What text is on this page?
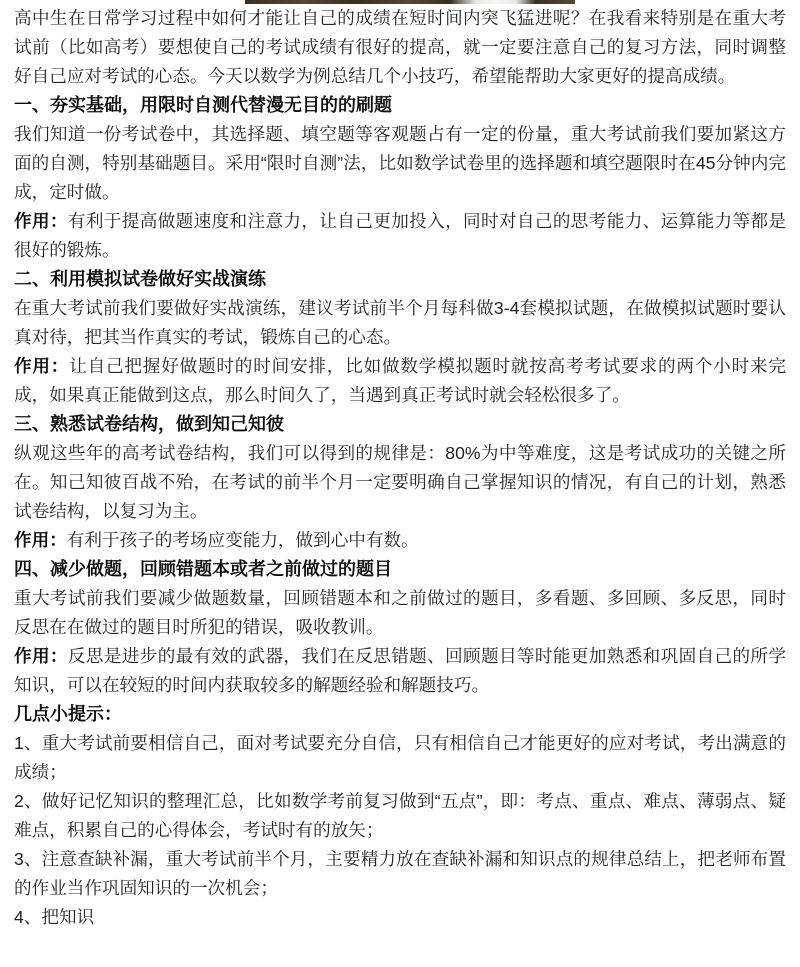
高中生在日常学习过程中如何才能让自己的成绩在短时间内突飞猛进呢？在我看来特别是在重大考试前（比如高考）要想使自己的考试成绩有很好的提高，就一定要注意自己的复习方法，同时调整好自己应对考试的心态。今天以数学为例总结几个小技巧，希望能帮助大家更好的提高成绩。

一、夯实基础，用限时自测代替漫无目的的刷题

我们知道一份考试卷中，其选择题、填空题等客观题占有一定的份量，重大考试前我们要加紧这方面的自测，特别基础题目。采用“限时自测”法，比如数学试卷里的选择题和填空题限时在45分钟内完成，定时做。

作用：有利于提高做题速度和注意力，让自己更加投入，同时对自己的思考能力、运算能力等都是很好的锻炼。

二、利用模拟试卷做好实战演练

在重大考试前我们要做好实战演练，建议考试前半个月每科做3-4套模拟试题，在做模拟试题时要认真对待，把其当作真实的考试，锻炼自己的心态。

作用：让自己把握好做题时的时间安排，比如做数学模拟题时就按高考考试要求的两个小时来完成，如果真正能做到这点，那么时间久了，当遇到真正考试时就会轻松很多了。

三、熟悉试卷结构，做到知己知彼

纵观这些年的高考试卷结构，我们可以得到的规律是：80%为中等难度，这是考试成功的关键之所在。知己知彼百战不殆，在考试的前半个月一定要明确自己掌握知识的情况，有自己的计划，熟悉试卷结构，以复习为主。

作用：有利于孩子的考场应变能力，做到心中有数。

四、减少做题，回顾错题本或者之前做过的题目

重大考试前我们要减少做题数量，回顾错题本和之前做过的题目，多看题、多回顾、多反思，同时反思在在做过的题目时所犯的错误，吸收教训。

作用：反思是进步的最有效的武器，我们在反思错题、回顾题目等时能更加熟悉和巩固自己的所学知识，可以在较短的时间内获取较多的解题经验和解题技巧。

几点小提示：

1、重大考试前要相信自己，面对考试要充分自信，只有相信自己才能更好的应对考试，考出满意的成绩；

2、做好记忆知识的整理汇总，比如数学考前复习做到“五点”，即：考点、重点、难点、薄弱点、疑难点，积累自己的心得体会，考试时有的放矢；

3、注意查缺补漏，重大考试前半个月，主要精力放在查缺补漏和知识点的规律总结上，把老师布置的作业当作巩固知识的一次机会；

4、把知识
